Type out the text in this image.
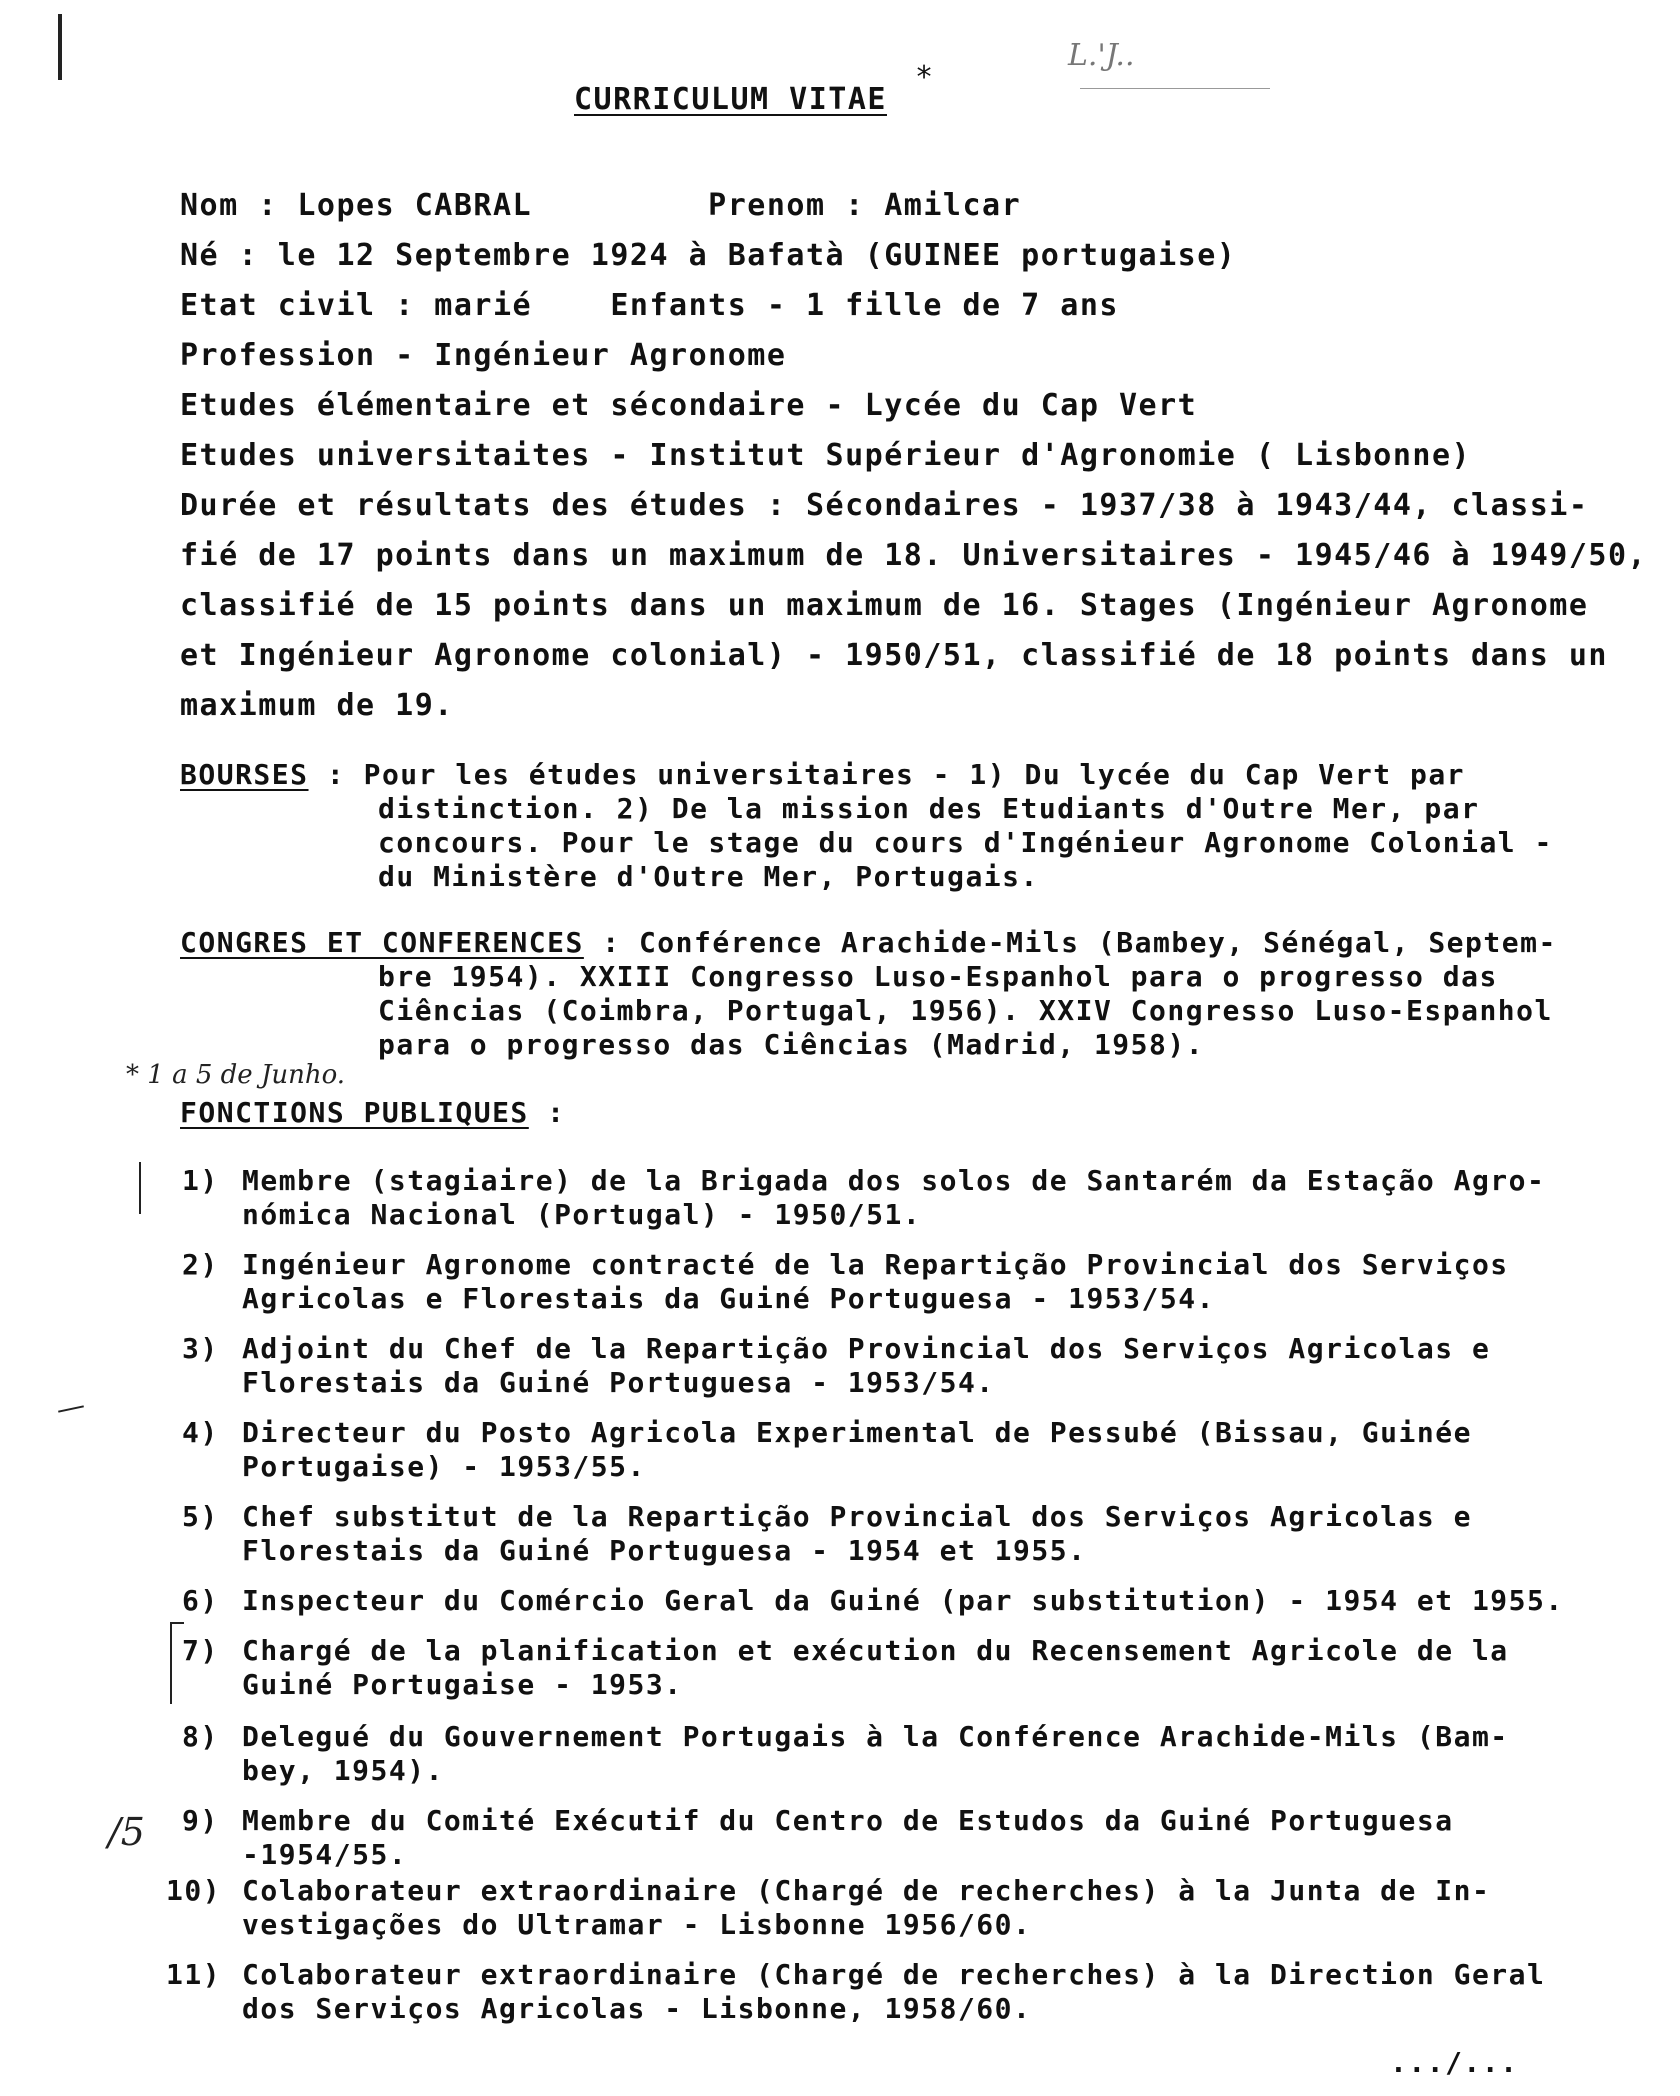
L.'J..
CURRICULUM VITAE
*
Nom : Lopes CABRAL         Prenom : Amilcar
Né : le 12 Septembre 1924 à Bafatà (GUINEE portugaise)
Etat civil : marié    Enfants - 1 fille de 7 ans
Profession - Ingénieur Agronome
Etudes élémentaire et sécondaire - Lycée du Cap Vert
Etudes universitaites - Institut Supérieur d'Agronomie ( Lisbonne)
Durée et résultats des études : Sécondaires - 1937/38 à 1943/44, classi-
fié de 17 points dans un maximum de 18. Universitaires - 1945/46 à 1949/50,
classifié de 15 points dans un maximum de 16. Stages (Ingénieur Agronome
et Ingénieur Agronome colonial) - 1950/51, classifié de 18 points dans un
maximum de 19.
BOURSES : Pour les études universitaires - 1) Du lycée du Cap Vert par
distinction. 2) De la mission des Etudiants d'Outre Mer, par
concours. Pour le stage du cours d'Ingénieur Agronome Colonial -
du Ministère d'Outre Mer, Portugais.
CONGRES ET CONFERENCES : Conférence Arachide-Mils (Bambey, Sénégal, Septem-
bre 1954). XXIII Congresso Luso-Espanhol para o progresso das
Ciências (Coimbra, Portugal, 1956). XXIV Congresso Luso-Espanhol
para o progresso das Ciências (Madrid, 1958).
* 1 a 5 de Junho.
FONCTIONS PUBLIQUES :
1) Membre (stagiaire) de la Brigada dos solos de Santarém da Estação Agro-
nómica Nacional (Portugal) - 1950/51.
2) Ingénieur Agronome contracté de la Repartição Provincial dos Serviços
Agricolas e Florestais da Guiné Portuguesa - 1953/54.
3) Adjoint du Chef de la Repartição Provincial dos Serviços Agricolas e
Florestais da Guiné Portuguesa - 1953/54.
4) Directeur du Posto Agricola Experimental de Pessubé (Bissau, Guinée
Portugaise) - 1953/55.
5) Chef substitut de la Repartição Provincial dos Serviços Agricolas e
Florestais da Guiné Portuguesa - 1954 et 1955.
6) Inspecteur du Comércio Geral da Guiné (par substitution) - 1954 et 1955.
7) Chargé de la planification et exécution du Recensement Agricole de la
Guiné Portugaise - 1953.
8) Delegué du Gouvernement Portugais à la Conférence Arachide-Mils (Bam-
bey, 1954).
9) Membre du Comité Exécutif du Centro de Estudos da Guiné Portuguesa
-1954/55.
/5
10) Colaborateur extraordinaire (Chargé de recherches) à la Junta de In-
vestigações do Ultramar - Lisbonne 1956/60.
11) Colaborateur extraordinaire (Chargé de recherches) à la Direction Geral
dos Serviços Agricolas - Lisbonne, 1958/60.
.../...
